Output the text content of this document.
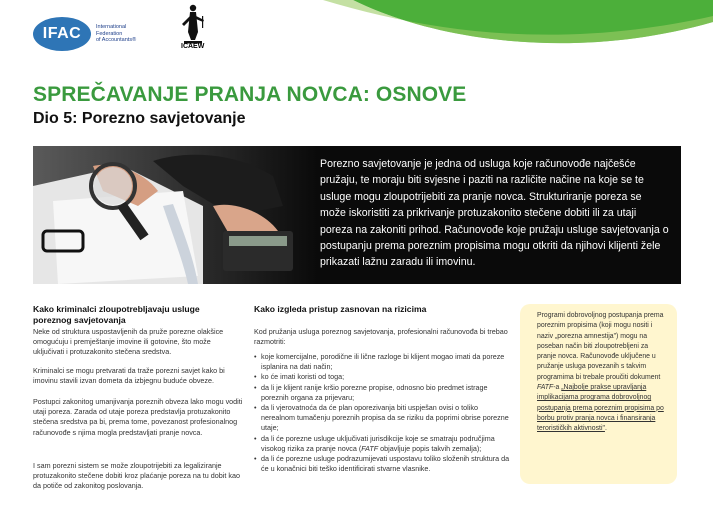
IFAC	International
Federation
of Accountants®
ICAEW
SPREČAVANJE PRANJA NOVCA: OSNOVE
Dio 5: Porezno savjetovanje

Porezno savjetovanje je jedna od usluga koje računovođe najčešće pružaju, te moraju biti svjesne i paziti na različite načine na koje se te usluge mogu zloupotrijebiti za pranje novca. Strukturiranje poreza se može iskoristiti za prikrivanje protuzakonito stečene dobiti ili za utaji poreza na zakoniti prihod. Računovođe koje pružaju usluge savjetovanja o postupanju prema poreznim propisima mogu otkriti da njihovi klijenti žele prikazati lažnu zaradu ili imovinu.

Kako kriminalci zloupotrebljavaju usluge poreznog savjetovanja

Neke od struktura uspostavljenih da pruže porezne olakšice omogućuju i premještanje imovine ili gotovine, što može uključivati i protuzakonito stečena sredstva.

Kriminalci se mogu pretvarati da traže porezni savjet kako bi imovinu stavili izvan dometa da izbjegnu buduće obveze.

Postupci zakonitog umanjivanja poreznih obveza lako mogu voditi utaji poreza. Zarada od utaje poreza predstavlja protuzakonito stečena sredstva pa bi, prema tome, povezanost profesionalnog računovođe s njima mogla predstavljati pranje novca.

I sam porezni sistem se može zloupotrijebiti za legaliziranje protuzakonito stečene dobiti kroz plaćanje poreza na tu dobit kao da potiče od zakonitog poslovanja.

Kako izgleda pristup zasnovan na rizicima

Kod pružanja usluga poreznog savjetovanja, profesionalni računovođa bi trebao razmotriti:

• koje komercijalne, porodične ili lične razloge bi klijent mogao imati da poreze isplanira na dati način;
• ko će imati koristi od toga;
• da li je klijent ranije kršio porezne propise, odnosno bio predmet istrage poreznih organa za prijevaru;
• da li vjerovatnoća da će plan oporezivanja biti uspješan ovisi o toliko nerealnom tumačenju poreznih propisa da se riziku da poprimi obrise porezne utaje;
• da li će porezne usluge uključivati jurisdikcije koje se smatraju područjima visokog rizika za pranje novca (FATF objavljuje popis takvih zemalja);
• da li će porezne usluge podrazumijevati uspostavu toliko složenih struktura da će u konačnici biti teško identificirati stvarne vlasnike.

Programi dobrovoljnog postupanja prema poreznim propisima (koji mogu nositi i naziv „porezna amnestija") mogu na poseban način biti zloupotrebljeni za pranje novca. Računovođe uključene u pružanje usluga povezanih s takvim programima bi trebale proučiti dokument FATF-a „Najbolje prakse upravljanja implikacijama programa dobrovoljnog postupanja prema poreznim propisima po borbu protiv pranja novca i finansiranja terorističkih aktivnosti".
